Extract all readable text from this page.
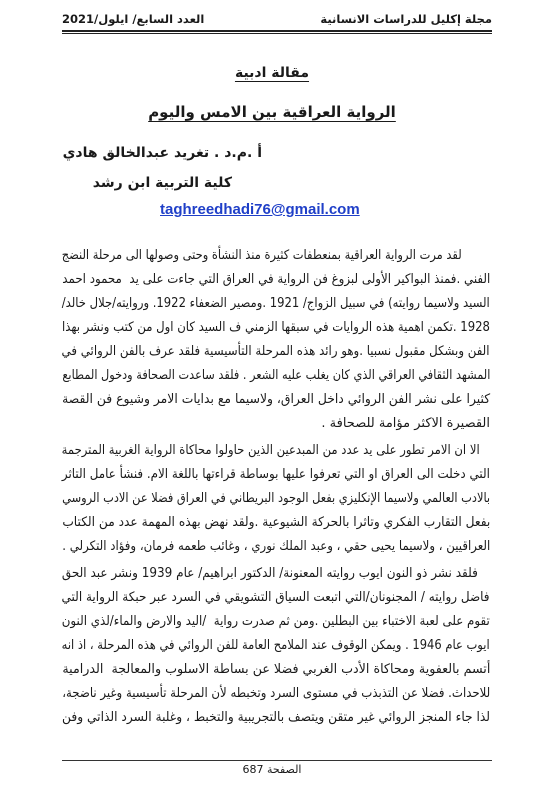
مجلة إكليل للدراسات الانسانية
العدد السابع/ ايلول/2021
مقالة ادبية
الرواية العراقية بين الامس واليوم
أ .م.د . تغريد عبدالخالق هادي
كلية التربية ابن رشد
taghreedhadi76@gmail.com
لقد مرت الرواية العراقية بمنعطفات كثيرة منذ النشأة وحتى وصولها الى مرحلة النضج
الفني .فمنذ البواكير الأولى لبزوغ فن الرواية في العراق التي جاءت على يد  محمود احمد
السيد ولاسيما روايته) في سبيل الزواج/ 1921 .ومصير الضعفاء 1922. وروايته/جلال خالد/
1928 .تكمن اهمية هذه الروايات في سبقها الزمني ف السيد كان اول من كتب ونشر بهذا
الفن وبشكل مقبول نسبيا .وهو رائد هذه المرحلة التأسيسية فلقد عرف بالفن الروائي في
المشهد الثقافي العراقي الذي كان يغلب عليه الشعر . فلقد ساعدت الصحافة ودخول المطابع
كثيرا على نشر الفن الروائي داخل العراق، ولاسيما مع بدايات الامر وشيوع فن القصة
القصيرة الاكثر مؤامة للصحافة .
الا ان الامر تطور على يد عدد من المبدعين الذين حاولوا محاكاة الرواية الغربية المترجمة
التي دخلت الى العراق او التي تعرفوا عليها بوساطة قراءتها باللغة الام. فنشأ عامل التاثر
بالادب العالمي ولاسيما الإنكليزي بفعل الوجود البريطاني في العراق فضلا عن الادب الروسي
بفعل التقارب الفكري وتاثرا بالحركة الشيوعية .ولقد نهض بهذه المهمة عدد من الكتاب
العراقيين ، ولاسيما يحيى حقي ، وعبد الملك نوري ، وغائب طعمه فرمان، وفؤاد التكرلي .
فلقد نشر ذو النون ايوب روايته المعنونة/ الدكتور ابراهيم/ عام 1939 ونشر عبد الحق
فاضل روايته / المجنونان/التي اتبعت السياق التشويقي في السرد عبر حبكة الرواية التي
تقوم على لعبة الاختباء بين البطلين .ومن ثم صدرت رواية  /اليد والارض والماء/لذي النون
ايوب عام 1946 . ويمكن الوقوف عند الملامح العامة للفن الروائي في هذه المرحلة ، اذ انه
أتسم بالعفوية ومحاكاة الأدب الغربي فضلا عن بساطة الاسلوب والمعالجة  الدرامية
للاحداث. فضلا عن التذبذب في مستوى السرد وتخبطه لأن المرحلة تأسيسية وغير ناضجة،
لذا جاء المنجز الروائي غير متقن ويتصف بالتجريبية والتخبط ، وغلبة السرد الذاتي وفن
الصفحة 687
